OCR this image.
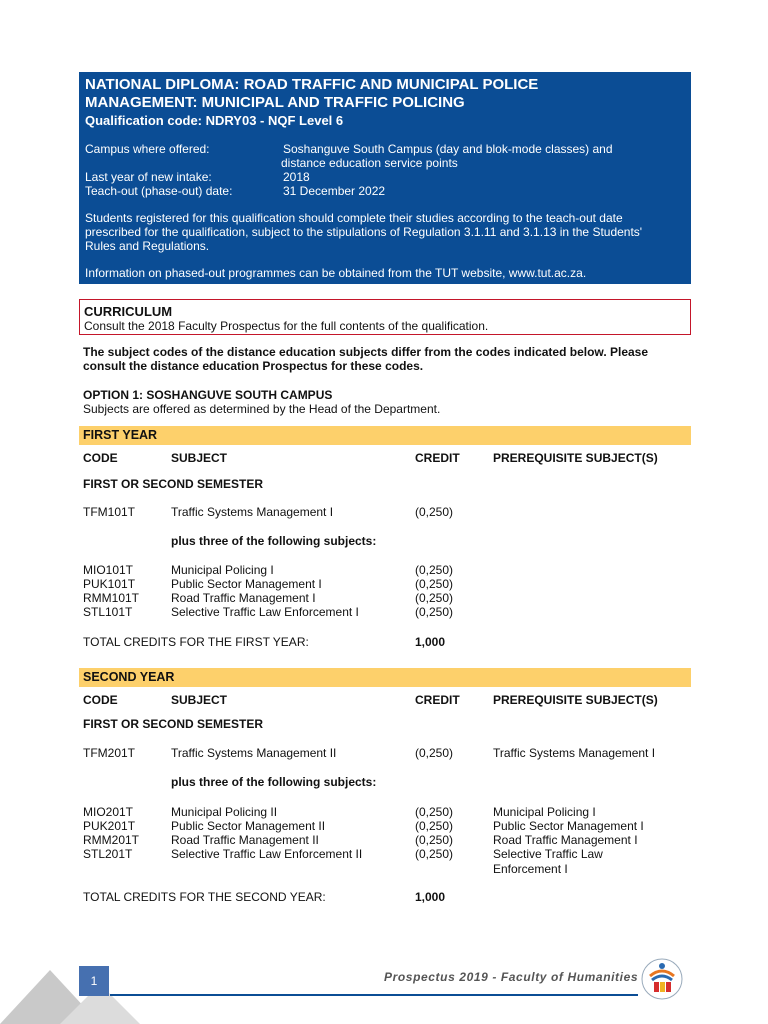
NATIONAL DIPLOMA: ROAD TRAFFIC AND MUNICIPAL POLICE
MANAGEMENT: MUNICIPAL AND TRAFFIC POLICING
Qualification code: NDRY03 - NQF Level 6
Campus where offered:	Soshanguve South Campus (day and blok-mode classes) and
distance education service points
Last year of new intake:	2018
Teach-out (phase-out) date:	31 December 2022
Students registered for this qualification should complete their studies according to the teach-out date
prescribed for the qualification, subject to the stipulations of Regulation 3.1.11 and 3.1.13 in the Students'
Rules and Regulations.
Information on phased-out programmes can be obtained from the TUT website, www.tut.ac.za.
CURRICULUM
Consult the 2018 Faculty Prospectus for the full contents of the qualification.
The subject codes of the distance education subjects differ from the codes indicated below. Please
consult the distance education Prospectus for these codes.
OPTION 1: SOSHANGUVE SOUTH CAMPUS
Subjects are offered as determined by the Head of the Department.
FIRST YEAR
CODE	SUBJECT	CREDIT	PREREQUISITE SUBJECT(S)
FIRST OR SECOND SEMESTER
TFM101T	Traffic Systems Management I	(0,250)
plus three of the following subjects:
MIO101T	Municipal Policing I	(0,250)
PUK101T	Public Sector Management I	(0,250)
RMM101T	Road Traffic Management I	(0,250)
STL101T	Selective Traffic Law Enforcement I	(0,250)
TOTAL CREDITS FOR THE FIRST YEAR:	1,000
SECOND YEAR
CODE	SUBJECT	CREDIT	PREREQUISITE SUBJECT(S)
FIRST OR SECOND SEMESTER
TFM201T	Traffic Systems Management II	(0,250)	Traffic Systems Management I
plus three of the following subjects:
MIO201T	Municipal Policing II	(0,250)	Municipal Policing I
PUK201T	Public Sector Management II	(0,250)	Public Sector Management I
RMM201T	Road Traffic Management II	(0,250)	Road Traffic Management I
STL201T	Selective Traffic Law Enforcement II	(0,250)	Selective Traffic Law
Enforcement I
TOTAL CREDITS FOR THE SECOND YEAR:	1,000
1	Prospectus 2019 - Faculty of Humanities
